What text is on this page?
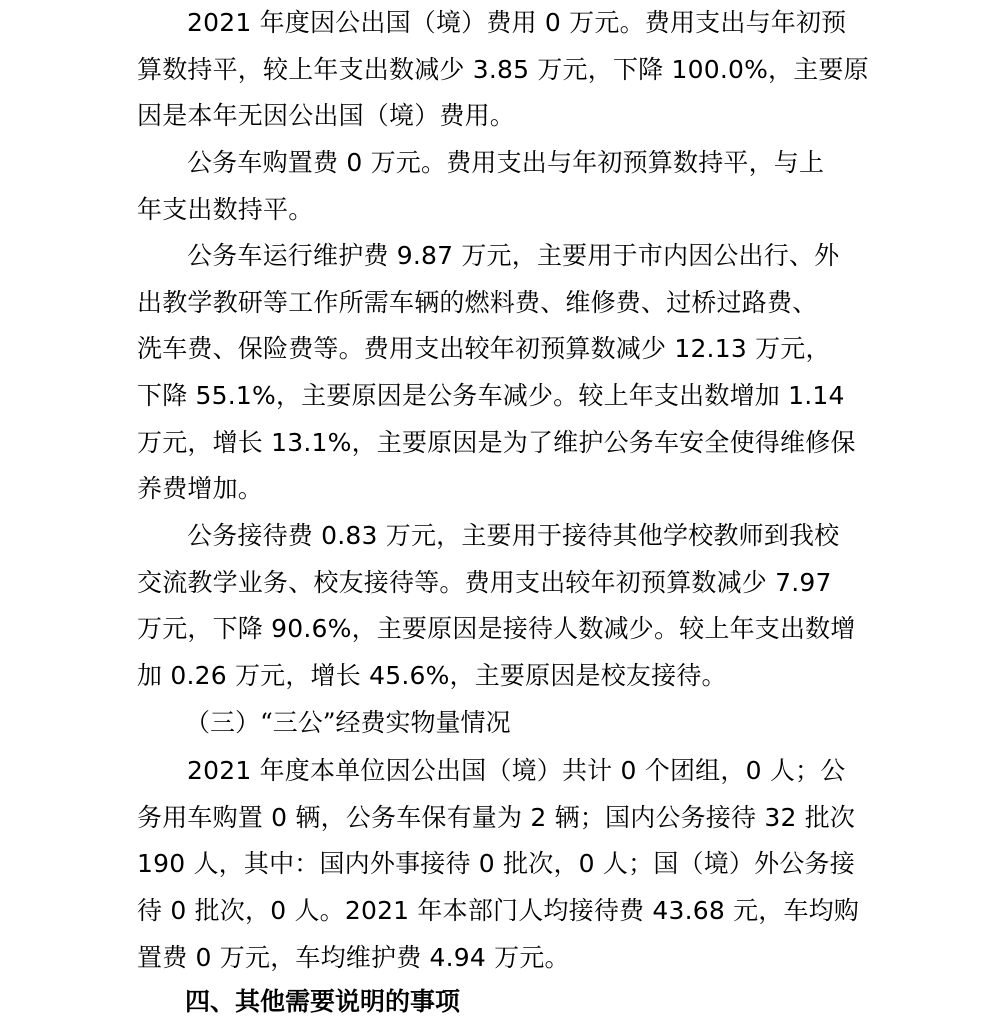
2021 年度因公出国（境）费用 0 万元。费用支出与年初预
算数持平，较上年支出数减少 3.85 万元，下降 100.0%，主要原
因是本年无因公出国（境）费用。
公务车购置费 0 万元。费用支出与年初预算数持平，与上
年支出数持平。
公务车运行维护费 9.87 万元，主要用于市内因公出行、外
出教学教研等工作所需车辆的燃料费、维修费、过桥过路费、
洗车费、保险费等。费用支出较年初预算数减少 12.13 万元，
下降 55.1%，主要原因是公务车减少。较上年支出数增加 1.14
万元，增长 13.1%，主要原因是为了维护公务车安全使得维修保
养费增加。
公务接待费 0.83 万元，主要用于接待其他学校教师到我校
交流教学业务、校友接待等。费用支出较年初预算数减少 7.97
万元，下降 90.6%，主要原因是接待人数减少。较上年支出数增
加 0.26 万元，增长 45.6%，主要原因是校友接待。
（三）“三公”经费实物量情况
2021 年度本单位因公出国（境）共计 0 个团组，0 人；公
务用车购置 0 辆，公务车保有量为 2 辆；国内公务接待 32 批次
190 人，其中：国内外事接待 0 批次，0 人；国（境）外公务接
待 0 批次，0 人。2021 年本部门人均接待费 43.68 元，车均购
置费 0 万元，车均维护费 4.94 万元。
四、其他需要说明的事项
